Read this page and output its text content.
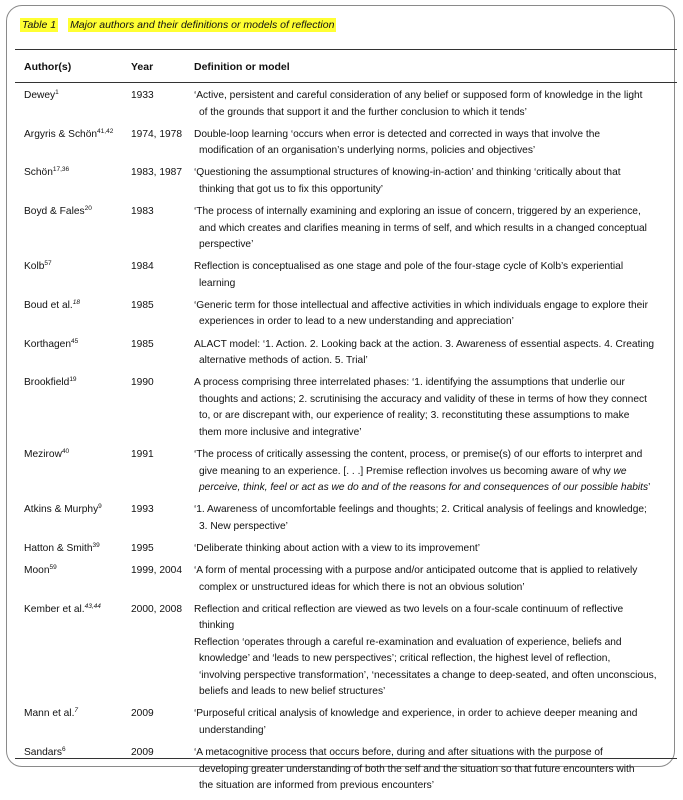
Table 1 Major authors and their definitions or models of reflection
Author(s)	Year	Definition or model
Dewey$^1$	1933	‘Active, persistent and careful consideration of any belief or supposed form of knowledge in the light
of the grounds that support it and the further conclusion to which it tends’
Argyris & Schön$^{41,42}$	1974, 1978	Double-loop learning ‘occurs when error is detected and corrected in ways that involve the
modification of an organisation’s underlying norms, policies and objectives’
Schön$^{17,36}$	1983, 1987	‘Questioning the assumptional structures of knowing-in-action’ and thinking ‘critically about that
thinking that got us to fix this opportunity’
Boyd & Fales$^{20}$	1983	‘The process of internally examining and exploring an issue of concern, triggered by an experience,
and which creates and clarifies meaning in terms of self, and which results in a changed conceptual
perspective’
Kolb$^{57}$	1984	Reflection is conceptualised as one stage and pole of the four-stage cycle of Kolb’s experiential
learning
Boud et al.$^{18}$	1985	‘Generic term for those intellectual and affective activities in which individuals engage to explore their
experiences in order to lead to a new understanding and appreciation’
Korthagen$^{45}$	1985	ALACT model: ‘1. Action. 2. Looking back at the action. 3. Awareness of essential aspects. 4. Creating
alternative methods of action. 5. Trial’
Brookfield$^{19}$	1990	A process comprising three interrelated phases: ‘1. identifying the assumptions that underlie our
thoughts and actions; 2. scrutinising the accuracy and validity of these in terms of how they connect
to, or are discrepant with, our experience of reality; 3. reconstituting these assumptions to make
them more inclusive and integrative’
Mezirow$^{40}$	1991	‘The process of critically assessing the content, process, or premise(s) of our efforts to interpret and
give meaning to an experience. [. . .] Premise reflection involves us becoming aware of why we
perceive, think, feel or act as we do and of the reasons for and consequences of our possible habits’
Atkins & Murphy$^9$	1993	‘1. Awareness of uncomfortable feelings and thoughts; 2. Critical analysis of feelings and knowledge;
3. New perspective’
Hatton & Smith$^{39}$	1995	‘Deliberate thinking about action with a view to its improvement’
Moon$^{59}$	1999, 2004	‘A form of mental processing with a purpose and/or anticipated outcome that is applied to relatively
complex or unstructured ideas for which there is not an obvious solution’
Kember et al.$^{43,44}$	2000, 2008	Reflection and critical reflection are viewed as two levels on a four-scale continuum of reflective
thinking
Reflection ‘operates through a careful re-examination and evaluation of experience, beliefs and
knowledge’ and ‘leads to new perspectives’; critical reflection, the highest level of reflection,
‘involving perspective transformation’, ‘necessitates a change to deep-seated, and often unconscious,
beliefs and leads to new belief structures’
Mann et al.$^7$	2009	‘Purposeful critical analysis of knowledge and experience, in order to achieve deeper meaning and
understanding’
Sandars$^6$	2009	‘A metacognitive process that occurs before, during and after situations with the purpose of
developing greater understanding of both the self and the situation so that future encounters with
the situation are informed from previous encounters’
